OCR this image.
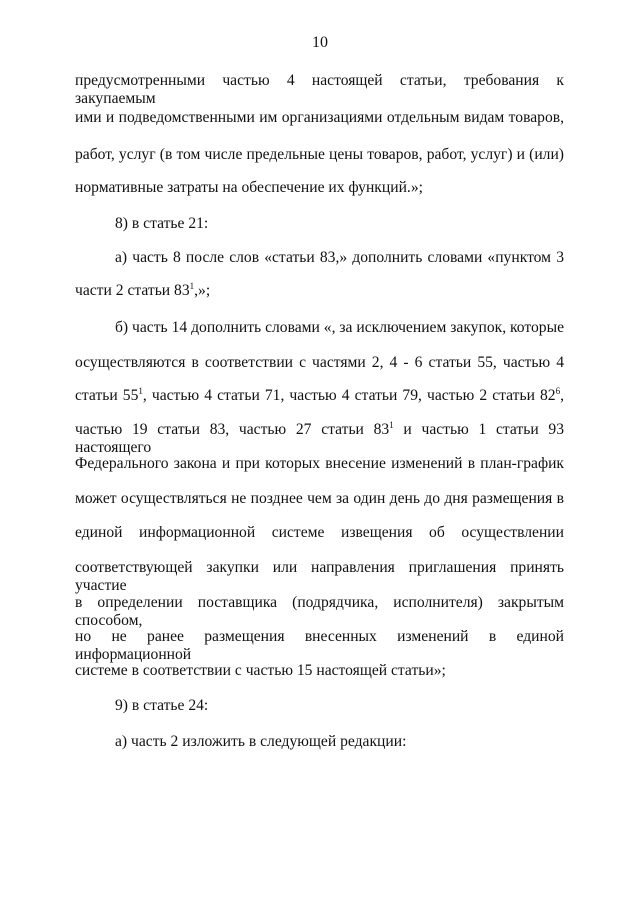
10
предусмотренными частью 4 настоящей статьи, требования к закупаемым
ими и подведомственными им организациями отдельным видам товаров,
работ, услуг (в том числе предельные цены товаров, работ, услуг) и (или)
нормативные затраты на обеспечение их функций.»;
8) в статье 21:
а) часть 8 после слов «статьи 83,» дополнить словами «пунктом 3
части 2 статьи $83^1$,»;
б) часть 14 дополнить словами «, за исключением закупок, которые
осуществляются в соответствии с частями 2, 4 - 6 статьи 55, частью 4
статьи $55^1$, частью 4 статьи 71, частью 4 статьи 79, частью 2 статьи $82^6$,
частью 19 статьи 83, частью 27 статьи $83^1$ и частью 1 статьи 93 настоящего
Федерального закона и при которых внесение изменений в план-график
может осуществляться не позднее чем за один день до дня размещения в
единой информационной системе извещения об осуществлении
соответствующей закупки или направления приглашения принять участие
в определении поставщика (подрядчика, исполнителя) закрытым способом,
но не ранее размещения внесенных изменений в единой информационной
системе в соответствии с частью 15 настоящей статьи»;
9) в статье 24:
а) часть 2 изложить в следующей редакции:
